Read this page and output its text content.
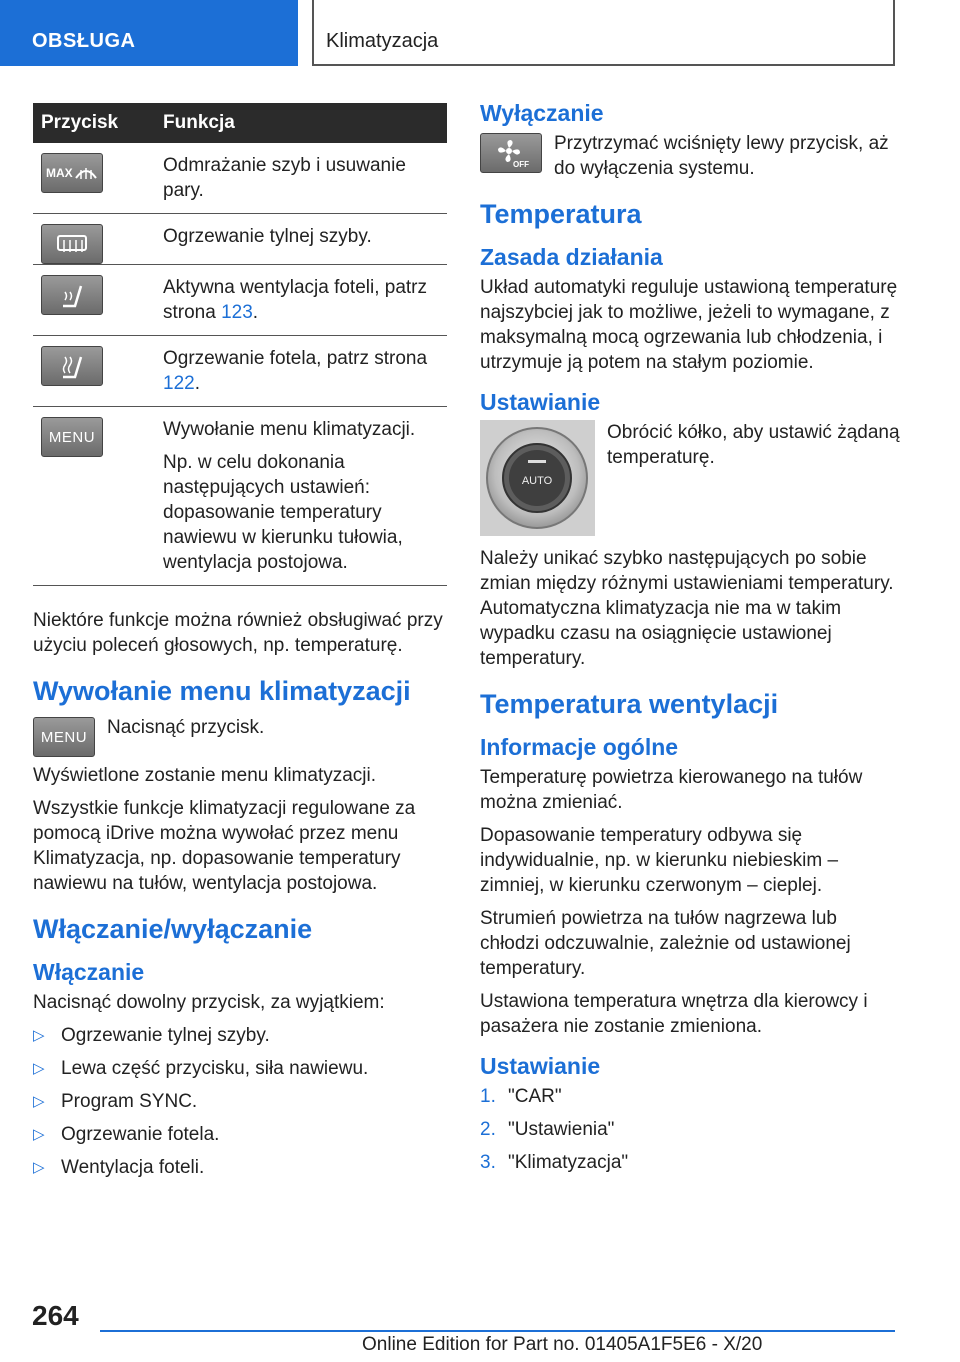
OBSŁUGA	Klimatyzacja
Przycisk	Funkcja

MAX	Odmrażanie szyb i usuwanie pary.

Ogrzewanie tylnej szyby.

Aktywna wentylacja foteli, patrz strona 123.

Ogrzewanie fotela, patrz strona 122.

MENU	Wywołanie menu klimatyzacji.

Np. w celu dokonania następujących ustawień: dopasowanie temperatury nawiewu w kierunku tułowia, wentylacja postojowa.

Niektóre funkcje można również obsługiwać przy użyciu poleceń głosowych, np. temperaturę.

Wywołanie menu klimatyzacji
MENU	Nacisnąć przycisk.

Wyświetlone zostanie menu klimatyzacji.

Wszystkie funkcje klimatyzacji regulowane za pomocą iDrive można wywołać przez menu Klimatyzacja, np. dopasowanie temperatury nawiewu na tułów, wentylacja postojowa.

Włączanie/wyłączanie
Włączanie

Nacisnąć dowolny przycisk, za wyjątkiem:

▷ Ogrzewanie tylnej szyby.
▷ Lewa część przycisku, siła nawiewu.
▷ Program SYNC.
▷ Ogrzewanie fotela.
▷ Wentylacja foteli.
Wyłączanie
OFF

Przytrzymać wciśnięty lewy przycisk, aż do wyłączenia systemu.

Temperatura
Zasada działania

Układ automatyki reguluje ustawioną temperaturę najszybciej jak to możliwe, jeżeli to wymagane, z maksymalną mocą ogrzewania lub chłodzenia, i utrzymuje ją potem na stałym poziomie.

Ustawianie
AUTO

Obrócić kółko, aby ustawić żądaną temperaturę.

Należy unikać szybko następujących po sobie zmian między różnymi ustawieniami temperatury. Automatyczna klimatyzacja nie ma w takim wypadku czasu na osiągnięcie ustawionej temperatury.

Temperatura wentylacji
Informacje ogólne

Temperaturę powietrza kierowanego na tułów można zmieniać.

Dopasowanie temperatury odbywa się indywidualnie, np. w kierunku niebieskim – zimniej, w kierunku czerwonym – cieplej.

Strumień powietrza na tułów nagrzewa lub chłodzi odczuwalnie, zależnie od ustawionej temperatury.

Ustawiona temperatura wnętrza dla kierowcy i pasażera nie zostanie zmieniona.

Ustawianie
1. "CAR"
2. "Ustawienia"
3. "Klimatyzacja"
264
Online Edition for Part no. 01405A1F5E6 - X/20
